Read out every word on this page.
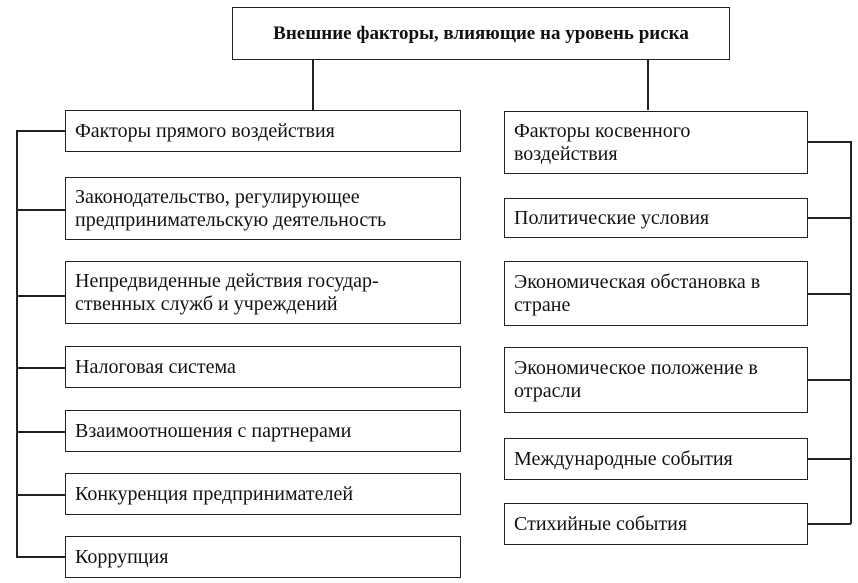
Внешние факторы, влияющие на уровень риска
Факторы прямого воздействия
Законодательство, регулирующее предпринимательскую деятельность
Непредвиденные действия государ-ственных служб и учреждений
Налоговая система
Взаимоотношения с партнерами
Конкуренция предпринимателей
Коррупция
Факторы косвенного воздействия
Политические условия
Экономическая обстановка в стране
Экономическое положение в отрасли
Международные события
Стихийные события
